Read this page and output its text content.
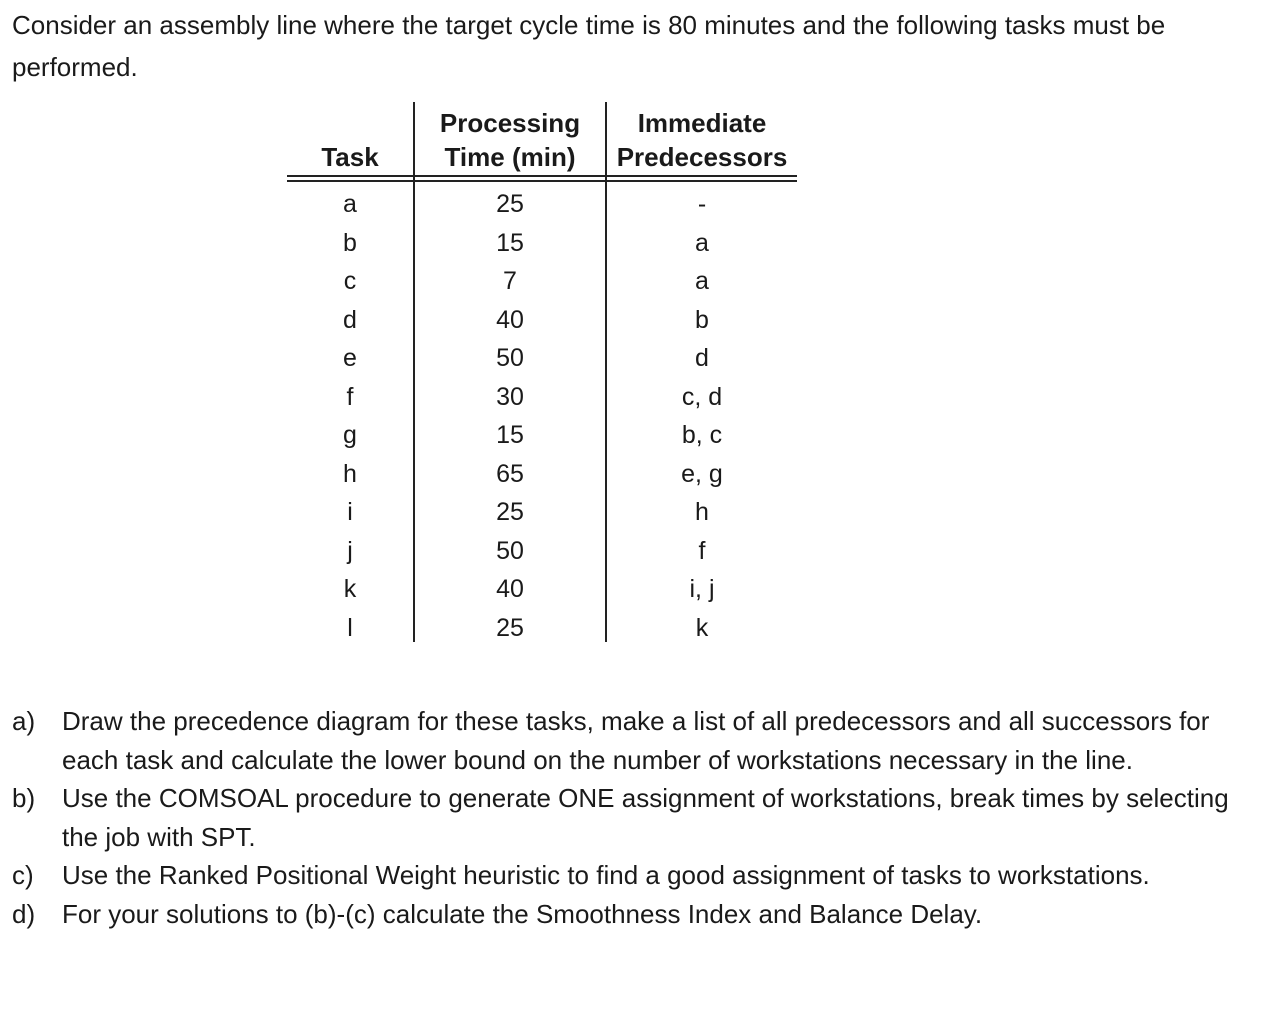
Consider an assembly line where the target cycle time is 80 minutes and the following tasks must be performed.

Task
a
b
c
d
e
f
g
h
i
j
k
l
Processing
Time (min)
25
15
7
40
50
30
15
65
25
50
40
25
Immediate
Predecessors
-
a
a
b
d
c, d
b, c
e, g
h
f
i, j
k
a) Draw the precedence diagram for these tasks, make a list of all predecessors and all successors for each task and calculate the lower bound on the number of workstations necessary in the line.
b) Use the COMSOAL procedure to generate ONE assignment of workstations, break times by selecting the job with SPT.
c) Use the Ranked Positional Weight heuristic to find a good assignment of tasks to workstations.
d) For your solutions to (b)-(c) calculate the Smoothness Index and Balance Delay.
